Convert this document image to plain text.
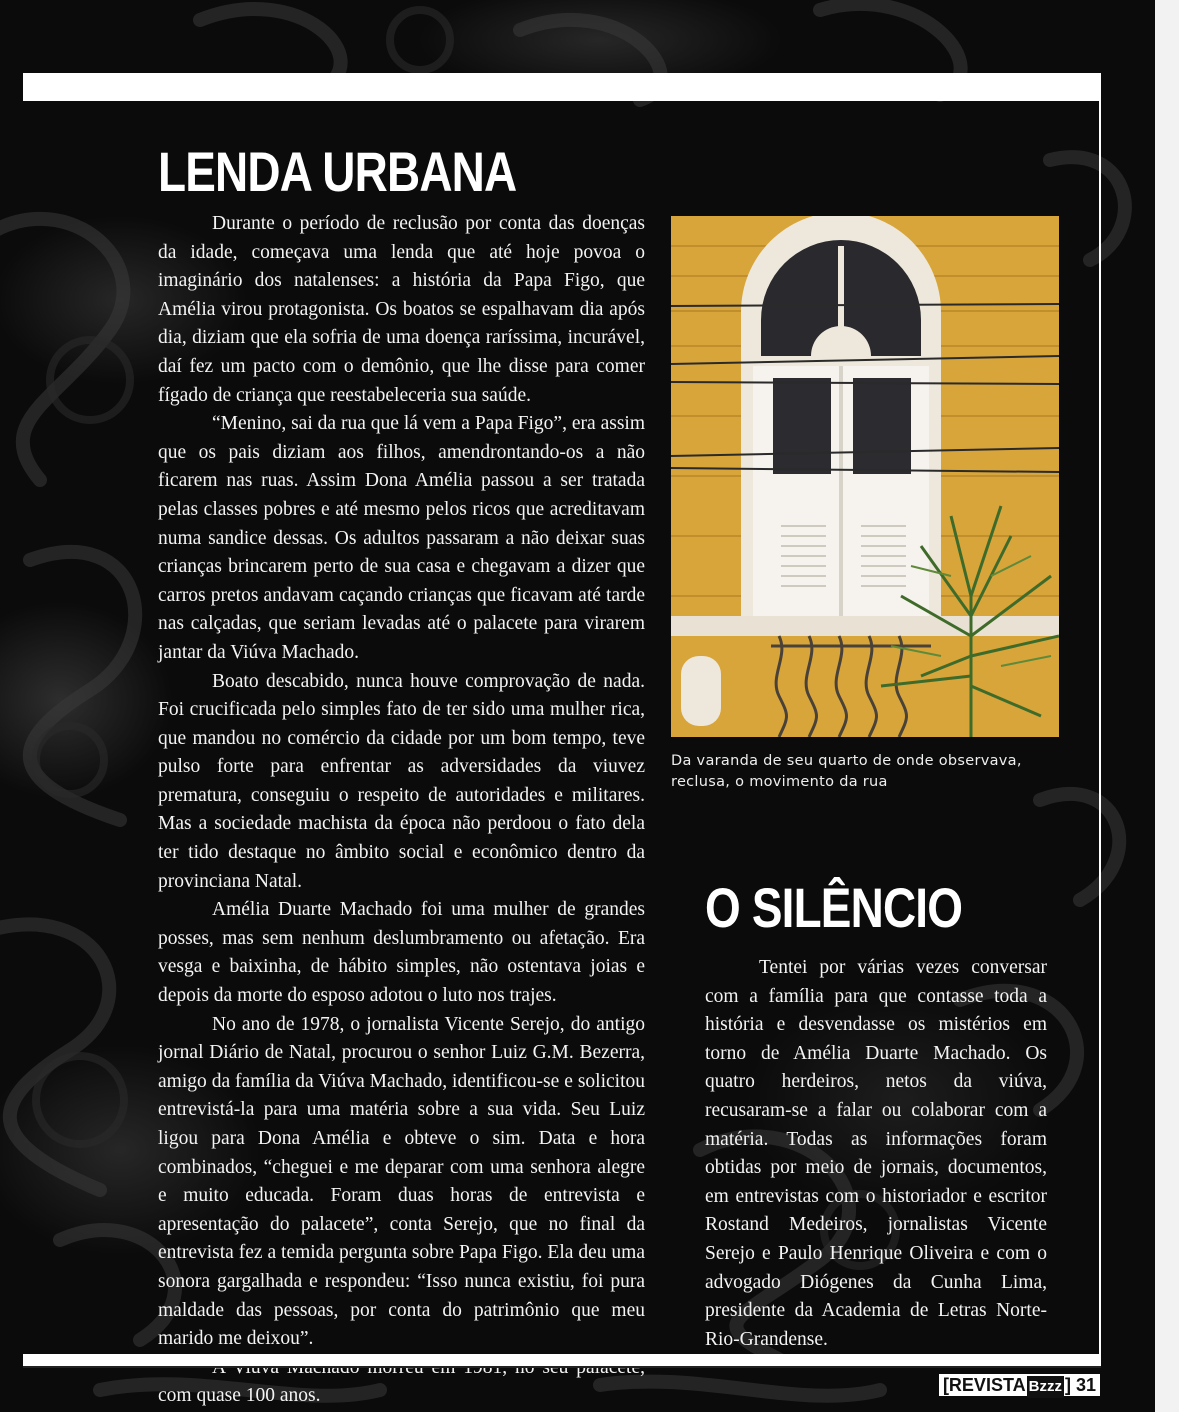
LENDA URBANA

Durante o período de reclusão por conta das doenças da idade, começava uma lenda que até hoje povoa o imaginário dos natalenses: a história da Papa Figo, que Amélia virou protagonista. Os boatos se espalhavam dia após dia, diziam que ela sofria de uma doença raríssima, incurável, daí fez um pacto com o demônio, que lhe disse para comer fígado de criança que reestabeleceria sua saúde.

“Menino, sai da rua que lá vem a Papa Figo”, era assim que os pais diziam aos filhos, amendrontando-os a não ficarem nas ruas. Assim Dona Amélia passou a ser tratada pelas classes pobres e até mesmo pelos ricos que acreditavam numa sandice dessas. Os adultos passaram a não deixar suas crianças brincarem perto de sua casa e chegavam a dizer que carros pretos andavam caçando crianças que ficavam até tarde nas calçadas, que seriam levadas até o palacete para virarem jantar da Viúva Machado.

Boato descabido, nunca houve comprovação de nada. Foi crucificada pelo simples fato de ter sido uma mulher rica, que mandou no comércio da cidade por um bom tempo, teve pulso forte para enfrentar as adversidades da viuvez prematura, conseguiu o respeito de autoridades e militares. Mas a sociedade machista da época não perdoou o fato dela ter tido destaque no âmbito social e econômico dentro da provinciana Natal.

Amélia Duarte Machado foi uma mulher de grandes posses, mas sem nenhum deslumbramento ou afetação. Era vesga e baixinha, de hábito simples, não ostentava joias e depois da morte do esposo adotou o luto nos trajes.

No ano de 1978, o jornalista Vicente Serejo, do antigo jornal Diário de Natal, procurou o senhor Luiz G.M. Bezerra, amigo da família da Viúva Machado, identificou-se e solicitou entrevistá-la para uma matéria sobre a sua vida. Seu Luiz ligou para Dona Amélia e obteve o sim. Data e hora combinados, “cheguei e me deparar com uma senhora alegre e muito educada. Foram duas horas de entrevista e apresentação do palacete”, conta Serejo, que no final da entrevista fez a temida pergunta sobre Papa Figo. Ela deu uma sonora gargalhada e respondeu: “Isso nunca existiu, foi pura maldade das pessoas, por conta do patrimônio que meu marido me deixou”.

com quase 100 anos.

Da varanda de seu quarto de onde observava, reclusa, o movimento da rua
O SILÊNCIO

Tentei por várias vezes conversar com a família para que contasse toda a história e desvendasse os mistérios em torno de Amélia Duarte Machado. Os quatro herdeiros, netos da viúva, recusaram-se a falar ou colaborar com a matéria. Todas as informações foram obtidas por meio de jornais, documentos, em entrevistas com o historiador e escritor Rostand Medeiros, jornalistas Vicente Serejo e Paulo Henrique Oliveira e com o advogado Diógenes da Cunha Lima, presidente da Academia de Letras Norte-Rio-Grandense.

[REVISTA Bzzz ] 31
